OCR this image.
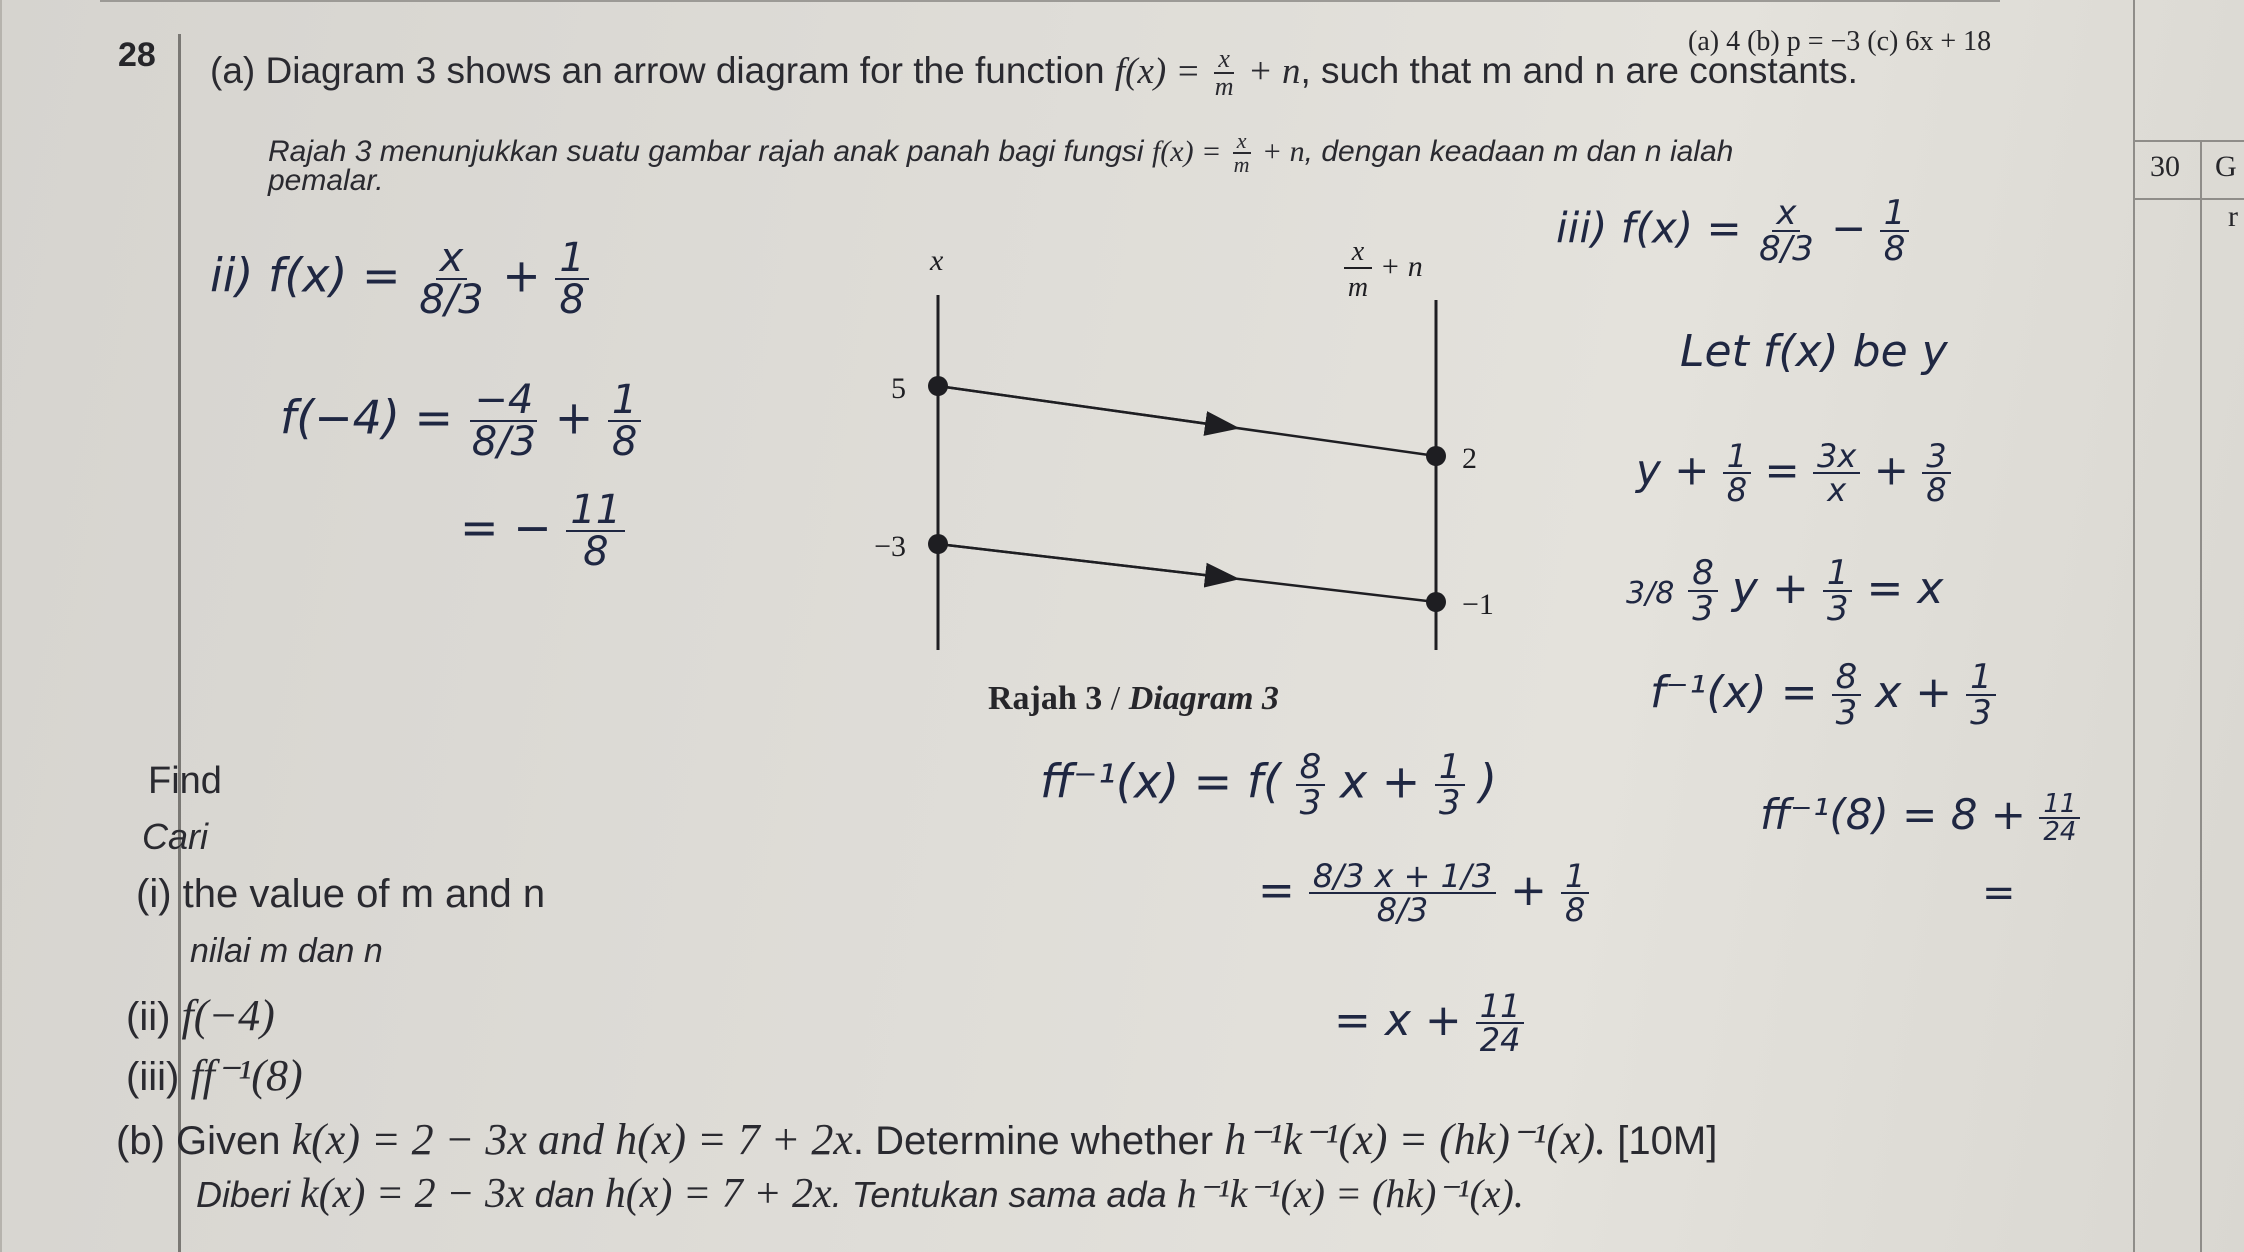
30 G
r
(a) 4 (b) p = −3 (c) 6x + 18
28 (a) Diagram 3 shows an arrow diagram for the function $f(x) = \frac{x}{m} + n$, such that m and n are constants.
Rajah 3 menunjukkan suatu gambar rajah anak panah bagi fungsi $f(x) = \frac{x}{m} + n$, dengan keadaan m dan n ialah
pemalar.
x	x
m
+ n
5
−3
2
−1
Rajah 3 / Diagram 3
Find
Cari
(i) the value of m and n
nilai m dan n
(ii) f(−4)
(iii) ff⁻¹(8)
(b) Given k(x) = 2 − 3x and h(x) = 7 + 2x. Determine whether h⁻¹k⁻¹(x) = (hk)⁻¹(x). [10M]
Diberi k(x) = 2 − 3x dan h(x) = 7 + 2x. Tentukan sama ada h⁻¹k⁻¹(x) = (hk)⁻¹(x).
ii) $f(x) = \frac{x}{8/3} + \frac{1}{8}$
$f(-4) = \frac{-4}{8/3} + \frac{1}{8}$
= − $\frac{11}{8}$
iii) $f(x) = \frac{x}{8/3} - \frac{1}{8}$
Let f(x) be y
$y + \frac{1}{8} = \frac{3x}{x} + \frac{3}{8}$
$3/8 \frac{8}{3}$ $y + \frac{1}{3} = x$
$f^{-1}(x) = \frac{8}{3}$ $x + \frac{1}{3}$
$ff^{-1}(x) = f( \frac{8}{3}$ $x + \frac{1}{3}$ )
= $\frac{8/3 x + 1/3}{8/3} + \frac{1}{8}$
= $x + \frac{11}{24}$
$ff^{-1}(8) = 8 + \frac{11}{24}$
=
